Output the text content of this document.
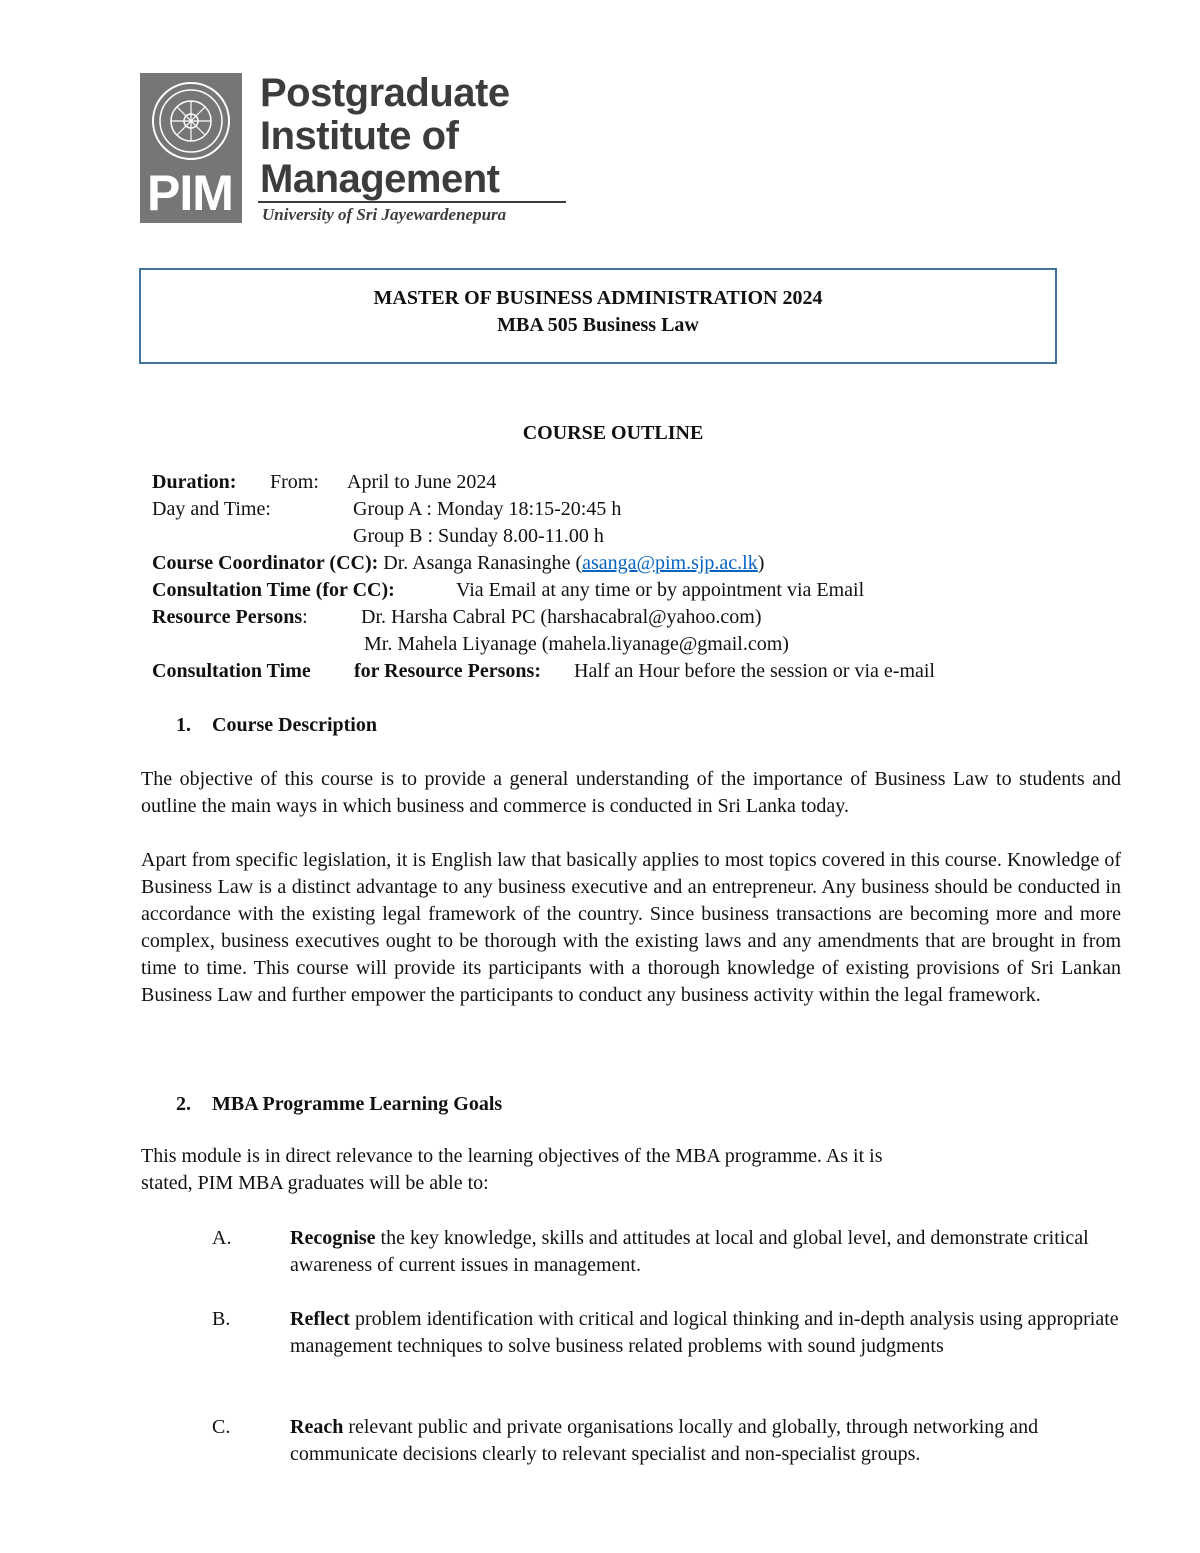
PIM
Postgraduate
Institute of
Management
University of Sri Jayewardenepura
MASTER OF BUSINESS ADMINISTRATION 2024
MBA 505 Business Law
COURSE OUTLINE
Duration: From: April to June 2024
Day and Time:	Group A : Monday 18:15-20:45 h
Group B : Sunday 8.00-11.00 h
Course Coordinator (CC): Dr. Asanga Ranasinghe (asanga@pim.sjp.ac.lk)
Consultation Time (for CC):	Via Email at any time or by appointment via Email
Resource Persons:	Dr. Harsha Cabral PC (harshacabral@yahoo.com)
Mr. Mahela Liyanage (mahela.liyanage@gmail.com)
Consultation Time for Resource Persons: Half an Hour before the session or via e-mail
1. Course Description
The objective of this course is to provide a general understanding of the importance of Business Law to students and outline the main ways in which business and commerce is conducted in Sri Lanka today.
Apart from specific legislation, it is English law that basically applies to most topics covered in this course. Knowledge of Business Law is a distinct advantage to any business executive and an entrepreneur. Any business should be conducted in accordance with the existing legal framework of the country. Since business transactions are becoming more and more complex, business executives ought to be thorough with the existing laws and any amendments that are brought in from time to time. This course will provide its participants with a thorough knowledge of existing provisions of Sri Lankan Business Law and further empower the participants to conduct any business activity within the legal framework.
2. MBA Programme Learning Goals
This module is in direct relevance to the learning objectives of the MBA programme. As it is
stated, PIM MBA graduates will be able to:
A.	Recognise the key knowledge, skills and attitudes at local and global level, and demonstrate critical awareness of current issues in management.
B.	Reflect problem identification with critical and logical thinking and in-depth analysis using appropriate management techniques to solve business related problems with sound judgments
C.	Reach relevant public and private organisations locally and globally, through networking and communicate decisions clearly to relevant specialist and non-specialist groups.
